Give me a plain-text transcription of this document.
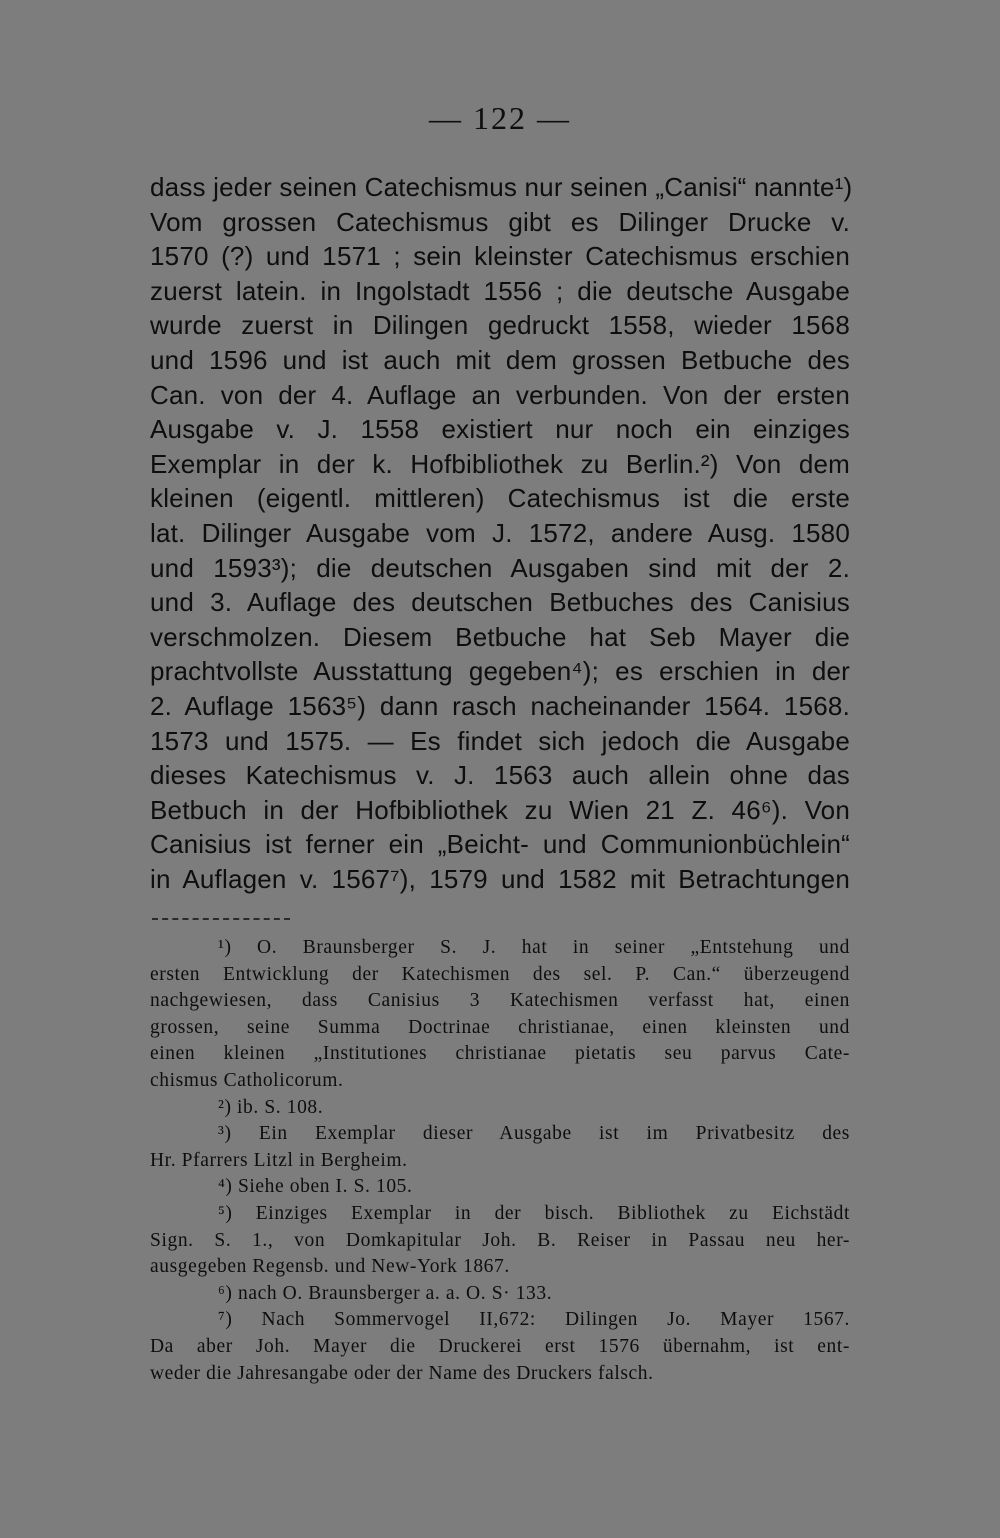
— 122 —
dass jeder seinen Catechismus nur seinen „Canisi“ nannte¹)
Vom grossen Catechismus gibt es Dilinger Drucke v.
1570 (?) und 1571 ; sein kleinster Catechismus erschien
zuerst latein. in Ingolstadt 1556 ; die deutsche Ausgabe
wurde zuerst in Dilingen gedruckt 1558, wieder 1568
und 1596 und ist auch mit dem grossen Betbuche des
Can. von der 4. Auflage an verbunden. Von der ersten
Ausgabe v. J. 1558 existiert nur noch ein einziges
Exemplar in der k. Hofbibliothek zu Berlin.²) Von dem
kleinen (eigentl. mittleren) Catechismus ist die erste
lat. Dilinger Ausgabe vom J. 1572, andere Ausg. 1580
und 1593³); die deutschen Ausgaben sind mit der 2.
und 3. Auflage des deutschen Betbuches des Canisius
verschmolzen. Diesem Betbuche hat Seb Mayer die
prachtvollste Ausstattung gegeben⁴); es erschien in der
2. Auflage 1563⁵) dann rasch nacheinander 1564. 1568.
1573 und 1575. — Es findet sich jedoch die Ausgabe
dieses Katechismus v. J. 1563 auch allein ohne das
Betbuch in der Hofbibliothek zu Wien 21 Z. 46⁶). Von
Canisius ist ferner ein „Beicht- und Communionbüchlein“
in Auflagen v. 1567⁷), 1579 und 1582 mit Betrachtungen
¹) O. Braunsberger S. J. hat in seiner „Entstehung und
ersten Entwicklung der Katechismen des sel. P. Can.“ überzeugend
nachgewiesen, dass Canisius 3 Katechismen verfasst hat, einen
grossen, seine Summa Doctrinae christianae, einen kleinsten und
einen kleinen „Institutiones christianae pietatis seu parvus Cate-
chismus Catholicorum.
²) ib. S. 108.
³) Ein Exemplar dieser Ausgabe ist im Privatbesitz des
Hr. Pfarrers Litzl in Bergheim.
⁴) Siehe oben I. S. 105.
⁵) Einziges Exemplar in der bisch. Bibliothek zu Eichstädt
Sign. S. 1., von Domkapitular Joh. B. Reiser in Passau neu her-
ausgegeben Regensb. und New-York 1867.
⁶) nach O. Braunsberger a. a. O. S· 133.
⁷) Nach Sommervogel II,672: Dilingen Jo. Mayer 1567.
Da aber Joh. Mayer die Druckerei erst 1576 übernahm, ist ent-
weder die Jahresangabe oder der Name des Druckers falsch.
